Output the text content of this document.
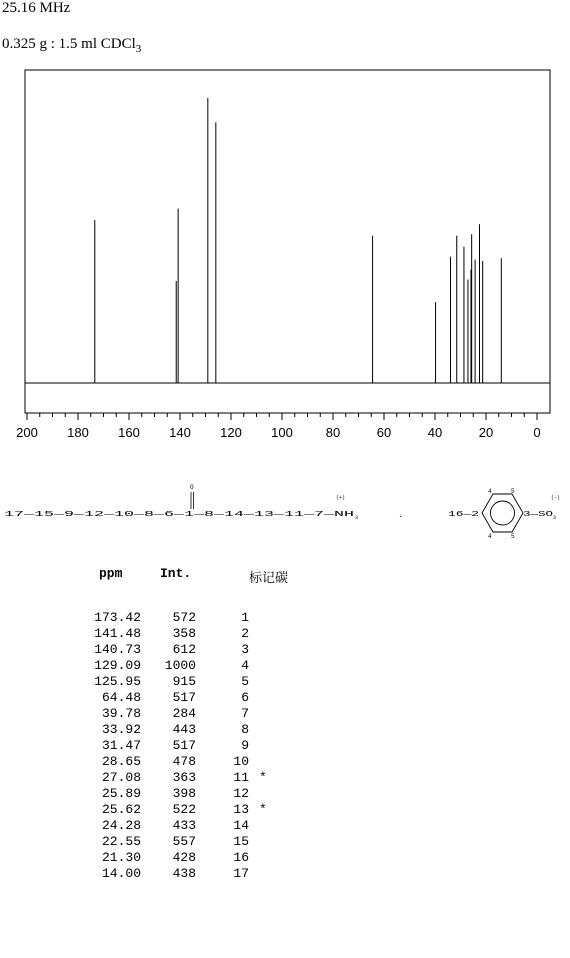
25.16 MHz
0.325 g : 1.5 ml CDCl$_3$
200 180 160 140 120 100	80	60	40	20	0
17—15—9—12—10—8—6—1—8—14—13—11—7—NH 3
(+)
O
.	16—2
4	5
4	5
3—SO 3
(-)
ppm	Int.	标记碳
173.42	572	1
141.48	358	2
140.73	612	3
129.09	1000	4
125.95	915	5
64.48	517	6
39.78	284	7
33.92	443	8
31.47	517	9
28.65	478	10
27.08	363	11 *
25.89	398	12
25.62	522	13 *
24.28	433	14
22.55	557	15
21.30	428	16
14.00	438	17
